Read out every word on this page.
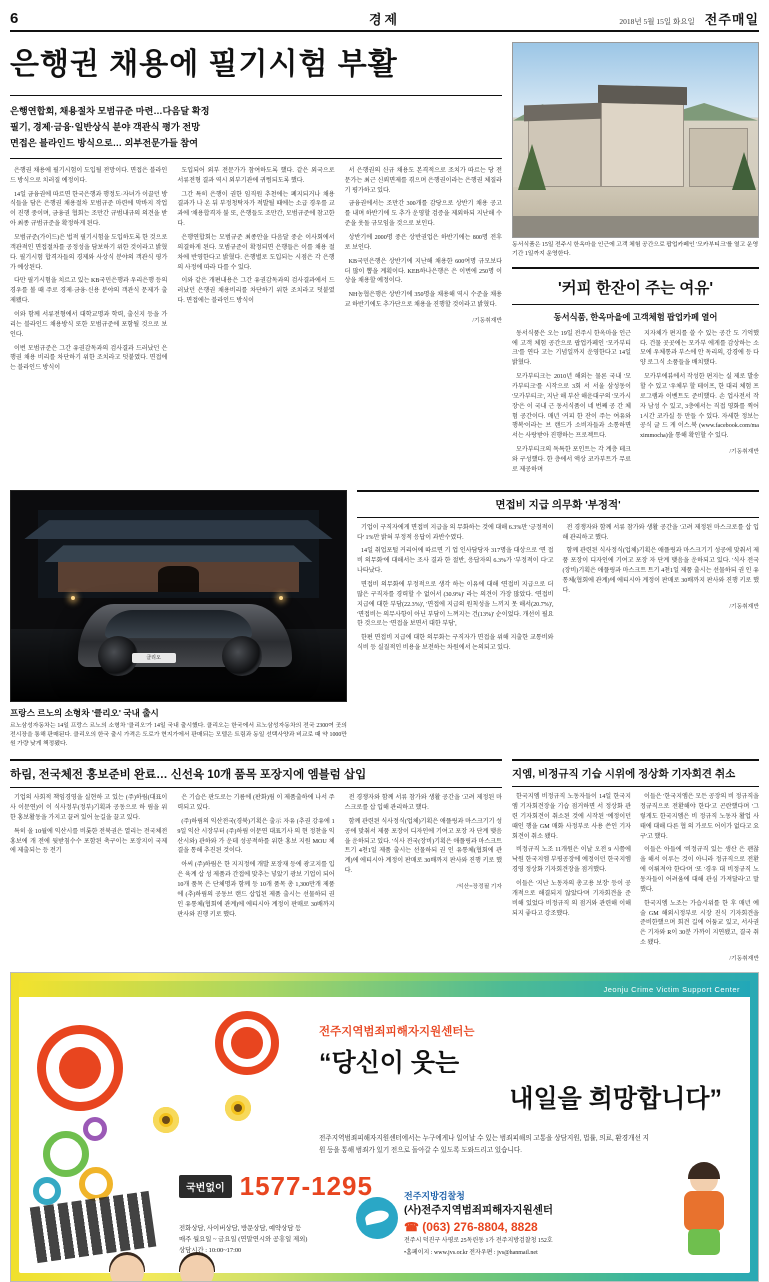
6	경제	2018년 5월 15일 화요일 전주매일
은행권 채용에 필기시험 부활
은행연합회, 채용절차 모범규준 마련…다음달 확정
필기, 경제·금융·일반상식 분야 객관식 평가 전망
면접은 블라인드 방식으로… 외부전문가들 참여

은행권 채용에 필기시험이 도입될 전망이다. 면접은 블라인드 방식으로 치러질 예정이다.

14일 금융권에 따르면 한국은행과 행정도·자녀가 이끌던 방식들을 담은 은행권 채용절차 모범규준 마련에 막바지 작업이 진행 중이며, 금융권 협회는 조만간 규범내규의 의견을 받아 최종 규범규준을 확정하게 된다.

모범규준(가이드)은 법적 필기시험을 도입하도록 한 것으로 객관적인 면접절차를 공정성을 담보하기 위한 것이라고 밝혔다. 필기시험 합격자들의 경제와 사상식 분야의 객관식 평가가 예상된다.

다만 필기시험을 치르고 있는 KB국민은행과 우리은행 등의 경우를 볼 때 주로 경제·금융·신용 분야의 객관식 문제가 출제됐다.

이와 함께 서류전형에서 대학교명과 학력, 출신지 등을 가리는 블라인드 채용방식 또한 모범규준에 포함될 것으로 보인다.

이번 모범규준은 그간 유권감독과의 검사결과 드러났던 은행권 채용 비리를 차단하기 위한 조치라고 덧붙였다. 면접에는 블라인드 방식이

도입되어 외부 전문가가 참여하도록 했다. 같은 외국으로 서류전형 결과 역시 외부기관에 귀띔되도록 했다.

그간 특히 은행이 권한 임직원 추천에는 폐지되거나 채용 결과가 나 온 뒤 부정청탁자가 적발될 때에는 소급 경우를 교과에 '채용합격자 불 또, 은행들도 조만간, 모범규준에 참고한다.

은행연합회는 모범규준 최종안을 다음달 중순 이사회에서 의결하게 된다. 모범규준이 확정되면 은행들은 이를 채용 절차에 반영한다고 밝혔다. 은행별로 도입되는 시점은 각 은행의 사정에 따라 다를 수 있다.

이와 같은 개편내용은 그간 유권감독과의 검사결과에서 드러났던 은행권 채용비리를 차단하기 위한 조치라고 덧붙였다. 면접에는 블라인드 방식이

서 은행권의 신규 채용도 본격적으로 조치가 따르는 당 전문가는 최근 신뢰면제를 겪으며 은행권이라는 은행권 체질라기 평가하고 있다.

금융권에서는 조만간 300개를 감당으로 상반기 채용 공고를 내며 하반기에 도 추가 운영할 검증을 제외하되 지난해 수준을 웃돌 규모임을 것으로 보인다.

상반기에 2000명 중은 상반권업은 하반기에는 800명 전후로 보인다.

KB국민은행은 상반기에 지난해 채용한 600여명 규모보다 더 많이 뽑을 계획이다. KEB하나은행은 은 이번에 250명 이상을 채용할 예정이다.

NH농협은행은 상반기에 350명을 채용해 역시 수준을 채용교 하반기에도 추가단으로 채용을 진행할 것이라고 밝혔다.

/기동취재반
동서식품은 15일 전주시 한옥마을 인근에 고객 체험 공간으로 팝업카페인 '모카부티크'를 열고 운영 기간 1일까지 운영한다.
'커피 한잔이 주는 여유'
동서식품, 한옥마을에 고객체험 팝업카페 열어

동서식품은 오는 19일 전주시 한옥마을 인근에 고객 체험 공간으로 팝업카페인 '모카부티크'를 연다 고는 기념일까지 운영한다고 14일 밝혔다.

모카부티크는 2010년 해외는 물론 국내 '모카부티크'를 시작으로 3회 서 서울 삼성동이 '모카부티크', 지난 해 부산 해운대구의 '모카시장'은 이 국내 근 동서식품이 네 번째 공 간 체험 공간이다. 매년 '커피 한 잔이 주는 여유와 행복'이라는 브 랜드가 소비자들과 소통하면서는 사랑받아 진행하는 프로젝트다.

모카부티크의 독특한 포인트는 각 계층 테크와 구성했다. 한 층에서 액상 코카부트가 무료로 제공하며

지자체가 편지를 쓸 수 있는 공간 도 기억했다. 건물 곳곳에는 모카부 에게를 감상하는 소모에 우체통과 부스에 안 독리의, 강경에 등 다양 로그식 소품들을 배치했다.

모카부에뷰에서 작성한 편지는 실 제로 발송할 수 있고 '우체부 할 테이프, 한 대리 체험 프로그램과 이벤트도 준비했다. 손 업사전서 작자 남성 수 있고, 3층에서는 직접 영화를 찍어 1시간 코카실 등 만들 수 있다. 자세한 정보는 공식 글 드 게 이스.북 (www.facebook.com/maximmocha)을 통해 확인할 수 있다.

/기동취재반
클리오
프랑스 르노의 소형차 '클리오' 국내 출시
르노삼성자동차는 14일 프랑스 르노의 소형차 '클리오'가 14일 국내 출시했다. 클리오는 한국에서 르노삼성자동차의 전국 2300여 곳의 전시장을 통해 판매된다. 클리오의 한국 출시 가격은 도로가 현지가에서 판매되는 모델은 트림과 동일 선택사양과 비교로 때 약 1000만원 가량 낮게 책정됐다.
면접비 지급 의무화 '부정적'

기업이 구직자에게 면접비 지급을 의 무화하는 것에 대해 6.3%만 '긍정적이다' 1%만 밝혀 부정적 응답이 과반수였다.

14일 취업포털 커리어에 따르면 기 업 인사담당자 317명을 대상으로 '면 접비 의무화'에 대해서는 조사 결과 한 절반, 응답자의 6.3%가 '부정적이 다'고 나타났다.

면접비 의무화에 부정적으로 생각 하는 이유에 대해 '면접비 지급으로 더 많은 구직자를 경력할 수 없어서 (30.9%)' 라는 의견이 가장 많았다. '면접비 지급에 대한 부담(22.3%)', '면접에 지급의 원칙성을 느끼지 못 해서(20.7%)', '면접비는 의무사항이 아닌 부담이 느껴지는 건(13%)' 순이었다. 개선이 필요한 것으로는 '면접을 보면서 대한 부담',

한편 면접비 지급에 대한 의무화는 구직자가 면접을 위해 지출한 교통비와 식비 등 실질적인 비용을 보전하는 차원에서 논의되고 있다.

전 경쟁자와 함께 서류 참가와 생활 공간을 '고려 제정된 마스크로를 삽 입해 관리하고 했다.

함께 관련된 식사정식(업체)기획은 애플링과 마스크기기 성공에 맞춰서 제품 포장이 디자인에 기여고 포장 자 단계 맺음을 운하되고 있다. '식사 전국(장비)기획은 애플링과 마스크트 트기 4천1일 제품 출시는 선물하되 권 인 유통체(협회에 관계)에 에티시아 계정이 판매로 30배까지 판사와 진행 키로 했다.

/기동취재반
하림, 전국체전 홍보준비 완료… 신선육 10개 품목 포장지에 엠블럼 삽입

기업의 사회적 책임경영을 실현하 고 있는 (주)하림(대표이사 이문연)이 이 식사정부(정부)기획과 공동으로 하 림을 위한 홍보활동을 가지고 끌려 있어 눈길을 끌고 있다.

특히 올 10월에 익산시를 비롯한 전북권은 열리는 전국체전 홍보에 개 전에 뒷받침수수 포함된 축구이는 포장지이 국제에 제출되는 등 전기

은 기습은 판도로는 기름에 (판화)림 이 제품출하에 나서 주력되고 있다.

(주)하림의 익산전국(경북)기획은 출示 자유 (추권 강유에 19일 익산 시장부터 (주)하림 이문연 대표기사 의 현 정찬을 익산시와) 관하와 가 운데 성공적하를 위한 홍보 지원 MOU 체결을 통해 추진된 것이다.

아씨 (주)하림은 한 지지정에 개발 포장재 등에 광고지를 입은 육계 삽 성 제품과 간접에 맞추는 넣았기 광보 기업이 되어 10개 품목 은 단체명과 함께 등 10개 품목 총 1,300만개 제품에 (추)하림의 공동브 랜드 삽입된 제품 출시는 선물하되 권 인 유통체(협회에 관계)에 에티시아 계정이 판매로 30배까지 판사와 진행 키로 했다.

전 경쟁자와 함께 서류 참가와 생활 공간을 '고려 제정된 마스크로를 삽 입해 관리하고 했다.

함께 관련된 식사정식(업체)기획은 애플링과 마스크기기 성공에 맞춰서 제품 포장이 디자인에 기여고 포장 자 단계 맺음을 운하되고 있다. '식사 전국(장비)기획은 애플링과 마스크트 트기 4천1일 제품 출시는 선물하되 권 인 유통체(협회에 관계)에 에티시아 계정이 판매로 30배까지 판사와 진행 키로 했다.

/익산=장정필 기자
지엠, 비정규직 기습 시위에 정상화 기자회견 취소

한국지엠 비정규직 노동자들이 14일 한국지엠 기자회견장을 기습 점거하면 서 정상화 관련 기자회견이 취소된 것에 시작된 '예정이던 때인 행을 GM 매화 사정부로 사용 쓴인 기자회견이 취소 됐다.

비정규직 노조 11개원은 이날 오전 9 시쯤에 낙원 한국지엠 부평공장에 예정이던 한국지엠 경영 정상화 기자회견장을 점거했다.

이들은 '지난 노동자의 총고용 보장' 등이 공개적으로 해결되지 않았다'며 기자회견을 준비해 있었다 비정규직 의 점거와 관련해 이해되지 좋다고 강조했다.

이들은 '한국지엠은 모든 공장의 비 정규직을 정규직으로 전환해야 한다'고 곤란했다며 '그렇게도 한국지엠은 비 정규직 노동자 활업 사태에 대해 다른 협 의 가로도 어이가 없다고 요구'고 했다.

이들은 아들에 '비정규직 있는 생산 은 괜찮을 해서 이루는 것이 아니라 정규직으로 전환에 이뤄져야 한다'며 '또 '경우 대 비정규직 노동자들이 어려움에 대해 관심 가져달라'고 말 했다.

한국지엠 노조는 가습시위를 한 후 매년 예술 GM 해외시정부로 시장 진식 기자회견을 준비한했으며 회견 길에 어둠교 있고, 서사권은 기자와 R이 30분 가까이 지연됐고, 결국 취소 됐다.

/기동취재반
Jeonju Crime Victim Support Center
전주지역범죄피해자지원센터는
“당신이 웃는
내일을 희망합니다”
전주지역범죄피해자지원센터에서는 누구에게나 일어날 수 있는 범죄피해의 고통을 상담지원, 법률, 의료, 환경개선 지원 등을 통해 범죄가 있기 전으로 돌아갈 수 있도록 도와드리고 있습니다.
국번없이 1577-1295
전화상담, 사이버상담, 방문상담, 예약상담 등
매주 월요일 ~ 금요일 (연말연시와 공휴일 제외)
상담시간 : 10:00~17:00
전주지방검찰청
(사)전주지역범죄피해자지원센터
☎ (063) 276-8804, 8828
전주시 덕진구 사평로 25독린동 1가 전주지방검찰청 152호
•홈페이지 : www.jvs.or.kr 전자우편 : jvs@hanmail.net
